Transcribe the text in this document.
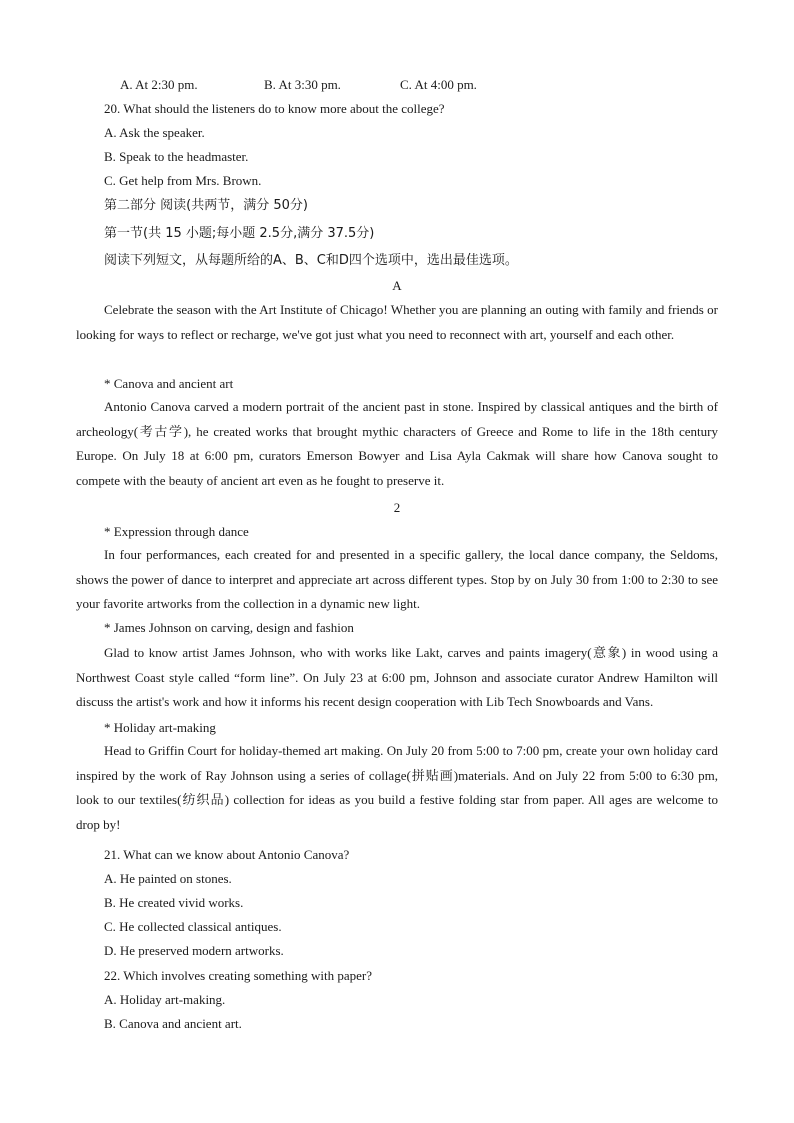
A. At 2:30 pm.	B. At 3:30 pm.	C. At 4:00 pm.
20. What should the listeners do to know more about the college?
A. Ask the speaker.
B. Speak to the headmaster.
C. Get help from Mrs. Brown.
第二部分 阅读(共两节，满分 50分)
第一节(共 15 小题;每小题 2.5分,满分 37.5分)
阅读下列短文，从每题所给的A、B、C和D四个选项中，选出最佳选项。
A
Celebrate the season with the Art Institute of Chicago! Whether you are planning an outing with family and friends or looking for ways to reflect or recharge, we've got just what you need to reconnect with art, yourself and each other.
* Canova and ancient art
Antonio Canova carved a modern portrait of the ancient past in stone. Inspired by classical antiques and the birth of archeology(考古学), he created works that brought mythic characters of Greece and Rome to life in the 18th century Europe. On July 18 at 6:00 pm, curators Emerson Bowyer and Lisa Ayla Cakmak will share how Canova sought to compete with the beauty of ancient art even as he fought to preserve it.
2
* Expression through dance
In four performances, each created for and presented in a specific gallery, the local dance company, the Seldoms, shows the power of dance to interpret and appreciate art across different types. Stop by on July 30 from 1:00 to 2:30 to see your favorite artworks from the collection in a dynamic new light.
* James Johnson on carving, design and fashion
Glad to know artist James Johnson, who with works like Lakt, carves and paints imagery(意象) in wood using a Northwest Coast style called “form line”. On July 23 at 6:00 pm, Johnson and associate curator Andrew Hamilton will discuss the artist's work and how it informs his recent design cooperation with Lib Tech Snowboards and Vans.
* Holiday art-making
Head to Griffin Court for holiday-themed art making. On July 20 from 5:00 to 7:00 pm, create your own holiday card inspired by the work of Ray Johnson using a series of collage(拼贴画)materials. And on July 22 from 5:00 to 6:30 pm, look to our textiles(纺织品) collection for ideas as you build a festive folding star from paper. All ages are welcome to drop by!
21. What can we know about Antonio Canova?
A. He painted on stones.
B. He created vivid works.
C. He collected classical antiques.
D. He preserved modern artworks.
22. Which involves creating something with paper?
A. Holiday art-making.
B. Canova and ancient art.
